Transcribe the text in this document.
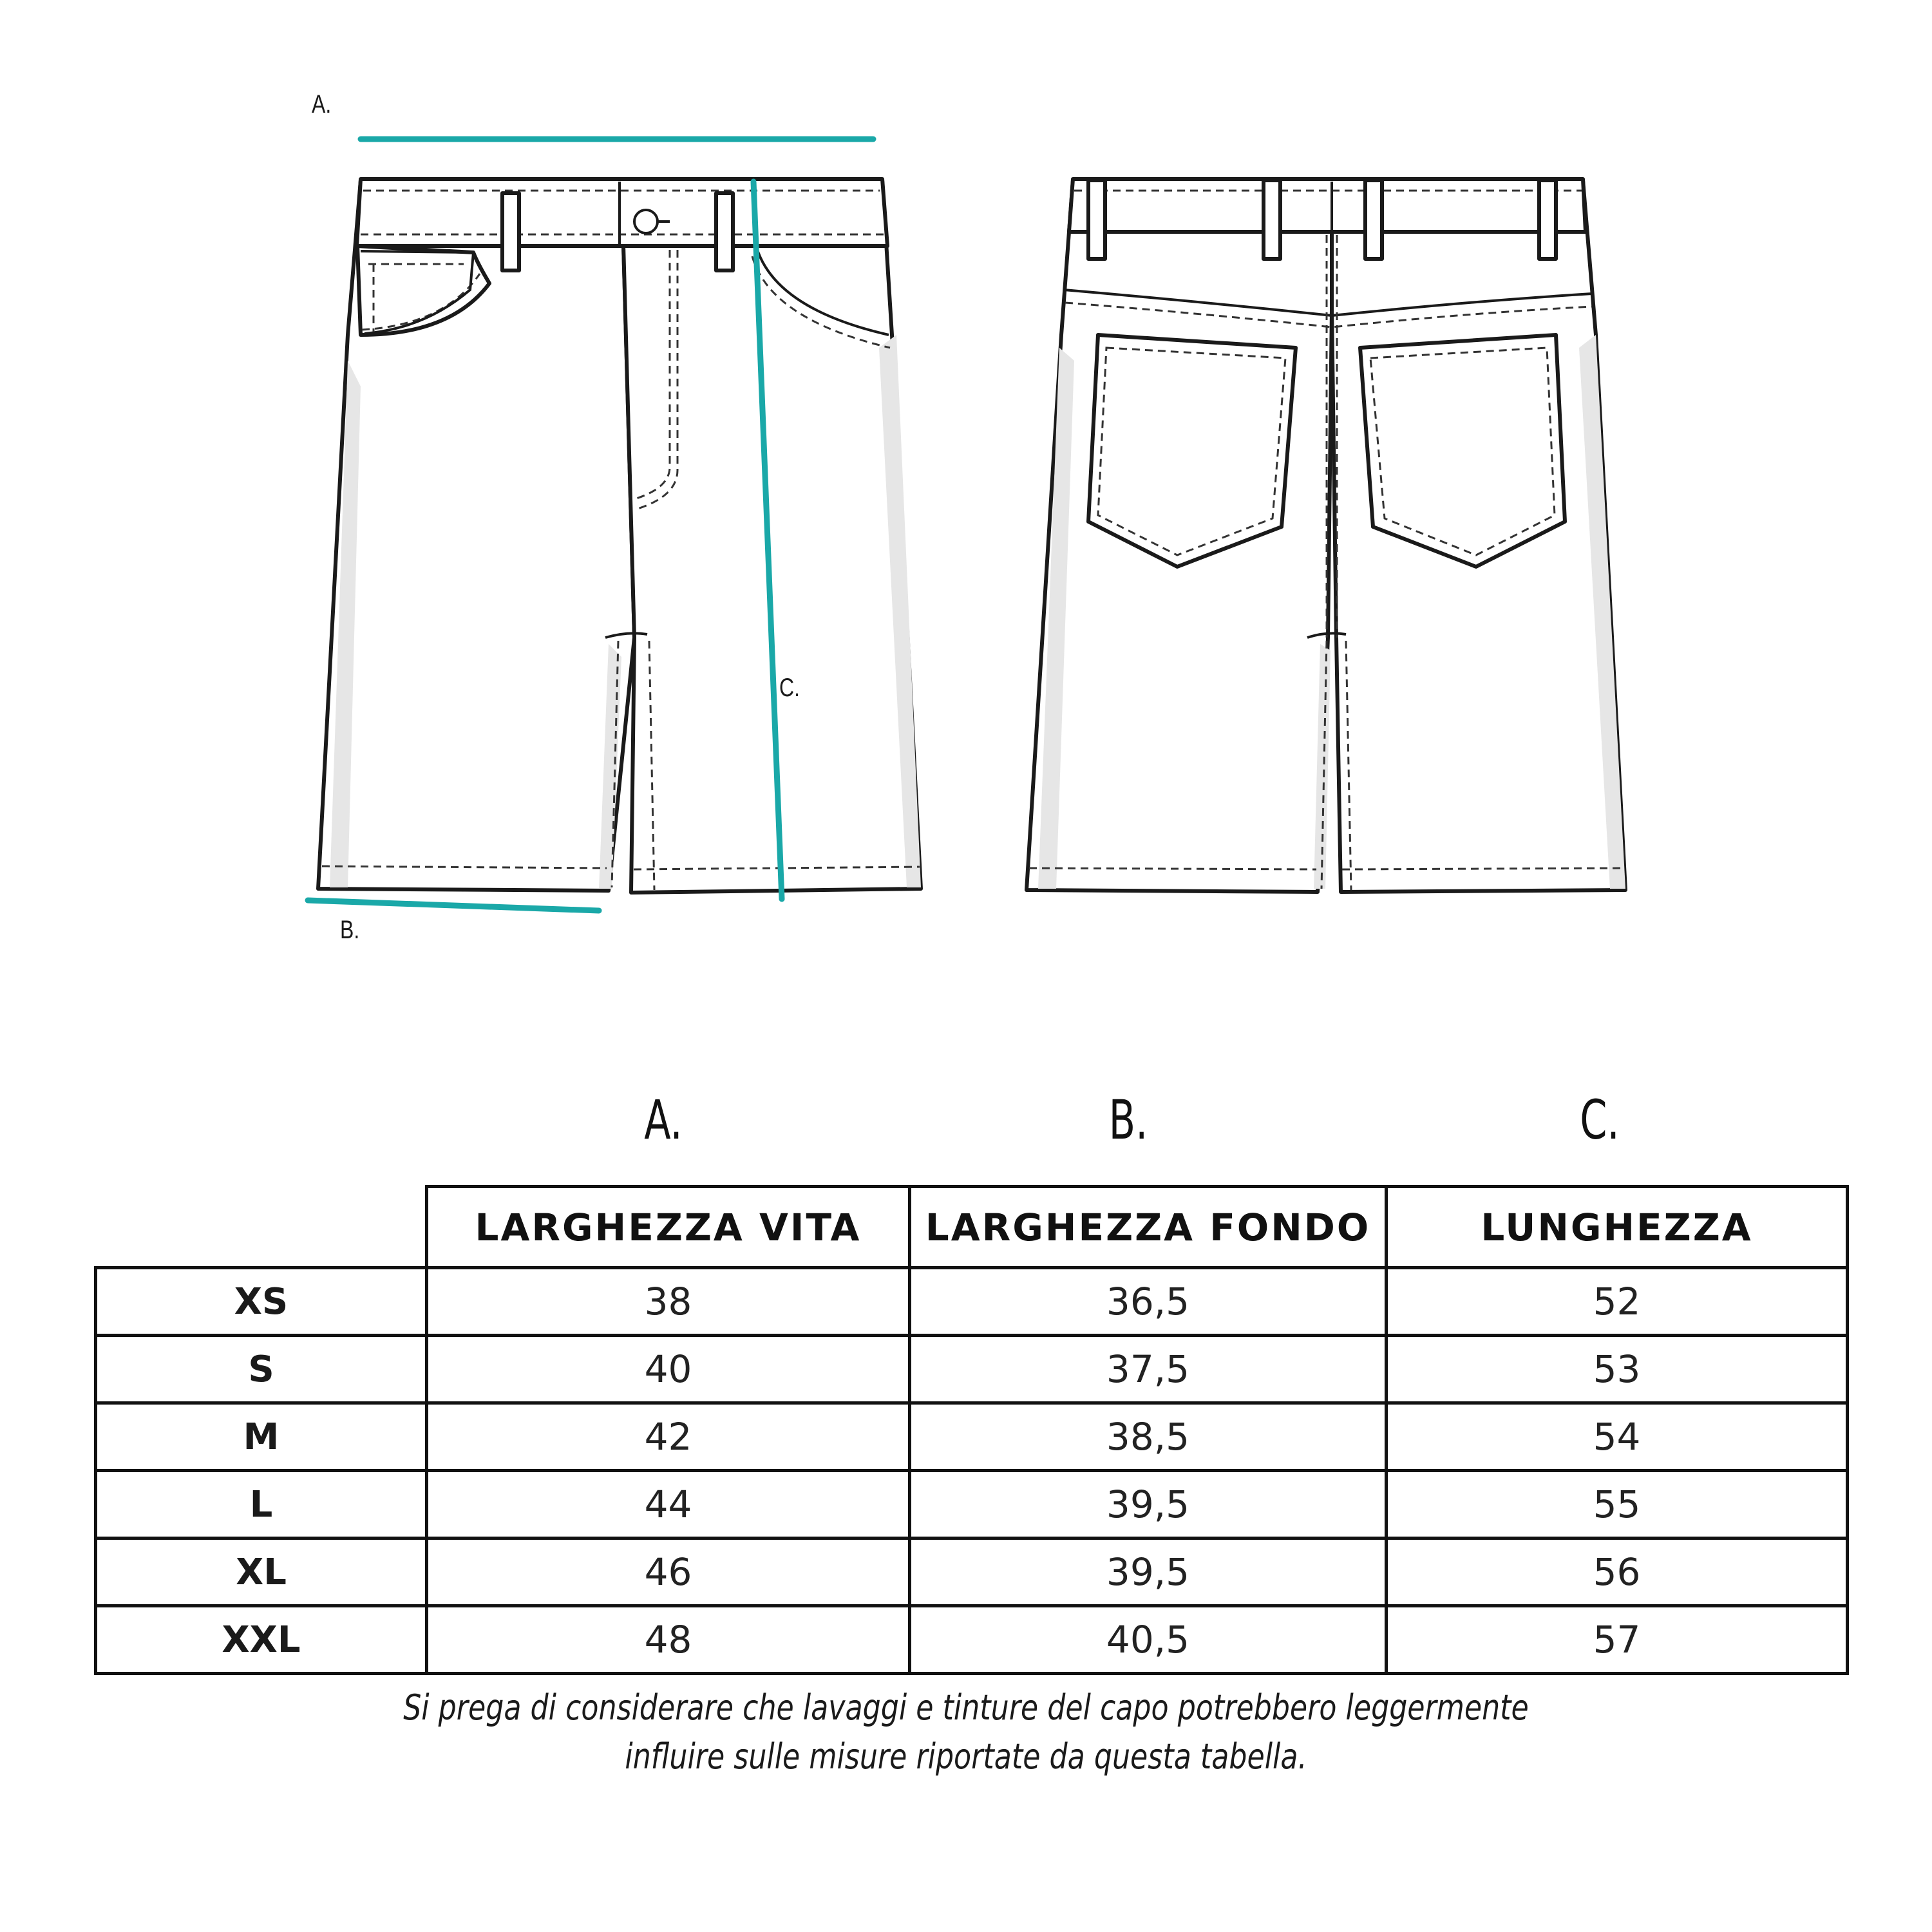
A.
B.
C.
A.	B.	C.
	LARGHEZZA VITA	LARGHEZZA FONDO	LUNGHEZZA
XS	38	36,5	52
S	40	37,5	53
M	42	38,5	54
L	44	39,5	55
XL	46	39,5	56
XXL	48	40,5	57
Si prega di considerare che lavaggi e tinture del capo potrebbero leggermente
influire sulle misure riportate da questa tabella.
